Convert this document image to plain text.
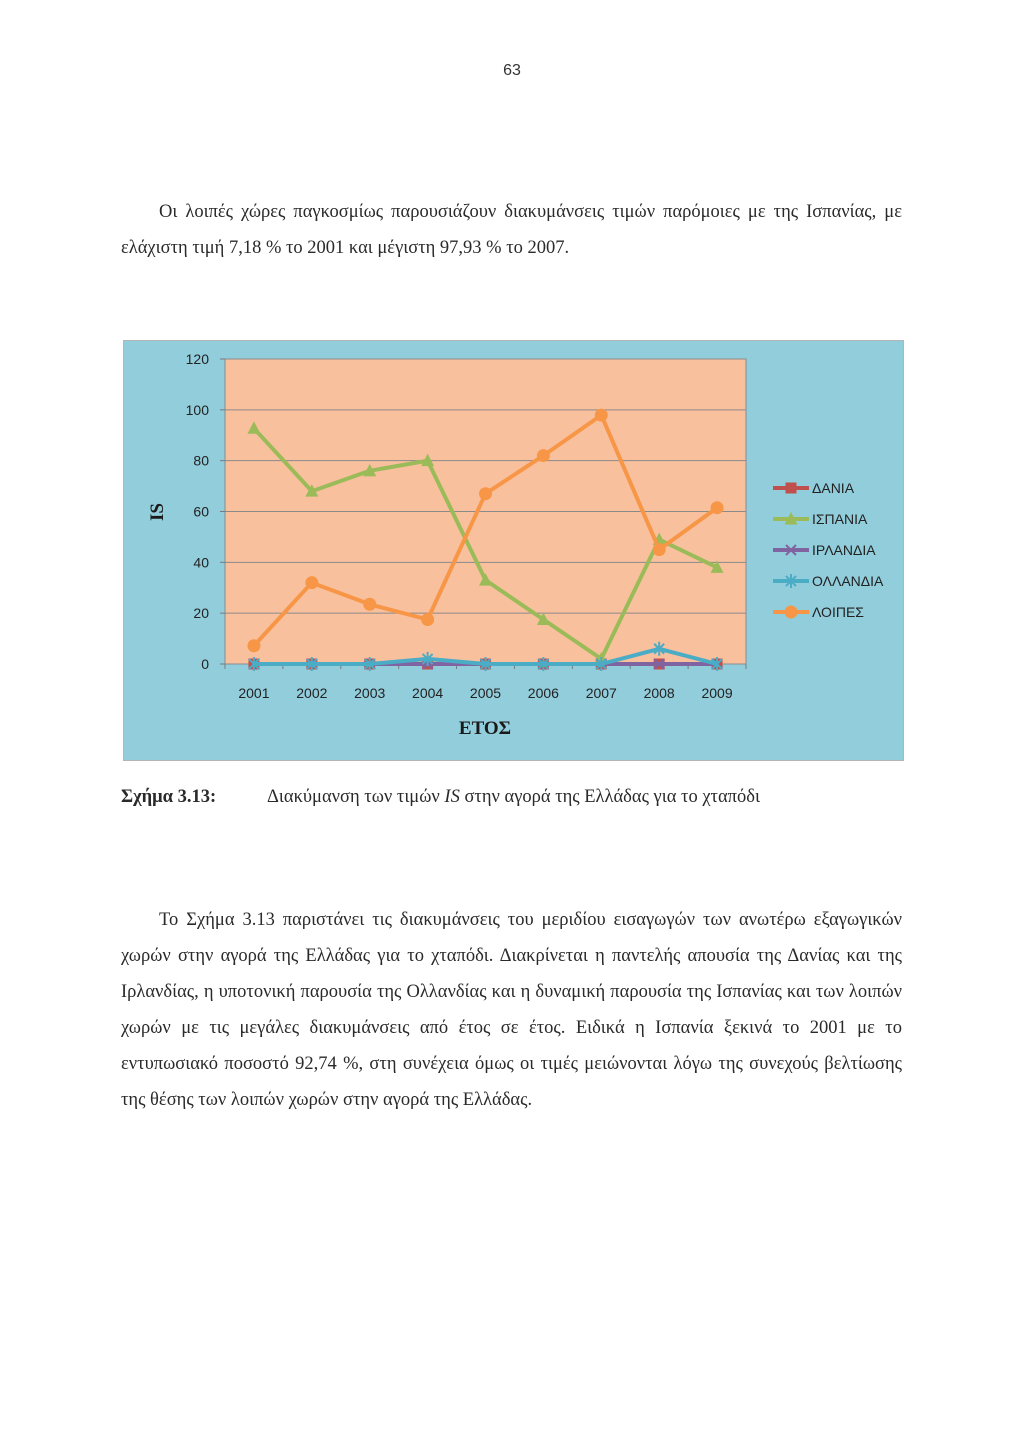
63

Οι λοιπές χώρες παγκοσμίως παρουσιάζουν διακυμάνσεις τιμών παρόμοιες με της Ισπανίας, με ελάχιστη τιμή 7,18 % το 2001 και μέγιστη 97,93 % το 2007.

0
20
40
60
80
100
120
2001 2002 2003 2004 2005 2006 2007 2008 2009
ΔΑΝΙΑ
ΙΣΠΑΝΙΑ
ΙΡΛΑΝΔΙΑ
ΟΛΛΑΝΔΙΑ
ΛΟΙΠΕΣ
IS
ΕΤΟΣ
Σχήμα 3.13:	Διακύμανση των τιμών IS στην αγορά της Ελλάδας για το χταπόδι

Το Σχήμα 3.13 παριστάνει τις διακυμάνσεις του μεριδίου εισαγωγών των ανωτέρω εξαγωγικών χωρών στην αγορά της Ελλάδας για το χταπόδι. Διακρίνεται η παντελής απουσία της Δανίας και της Ιρλανδίας, η υποτονική παρουσία της Ολλανδίας και η δυναμική παρουσία της Ισπανίας και των λοιπών χωρών με τις μεγάλες διακυμάνσεις από έτος σε έτος. Ειδικά η Ισπανία ξεκινά το 2001 με το εντυπωσιακό ποσοστό 92,74 %, στη συνέχεια όμως οι τιμές μειώνονται λόγω της συνεχούς βελτίωσης της θέσης των λοιπών χωρών στην αγορά της Ελλάδας.
